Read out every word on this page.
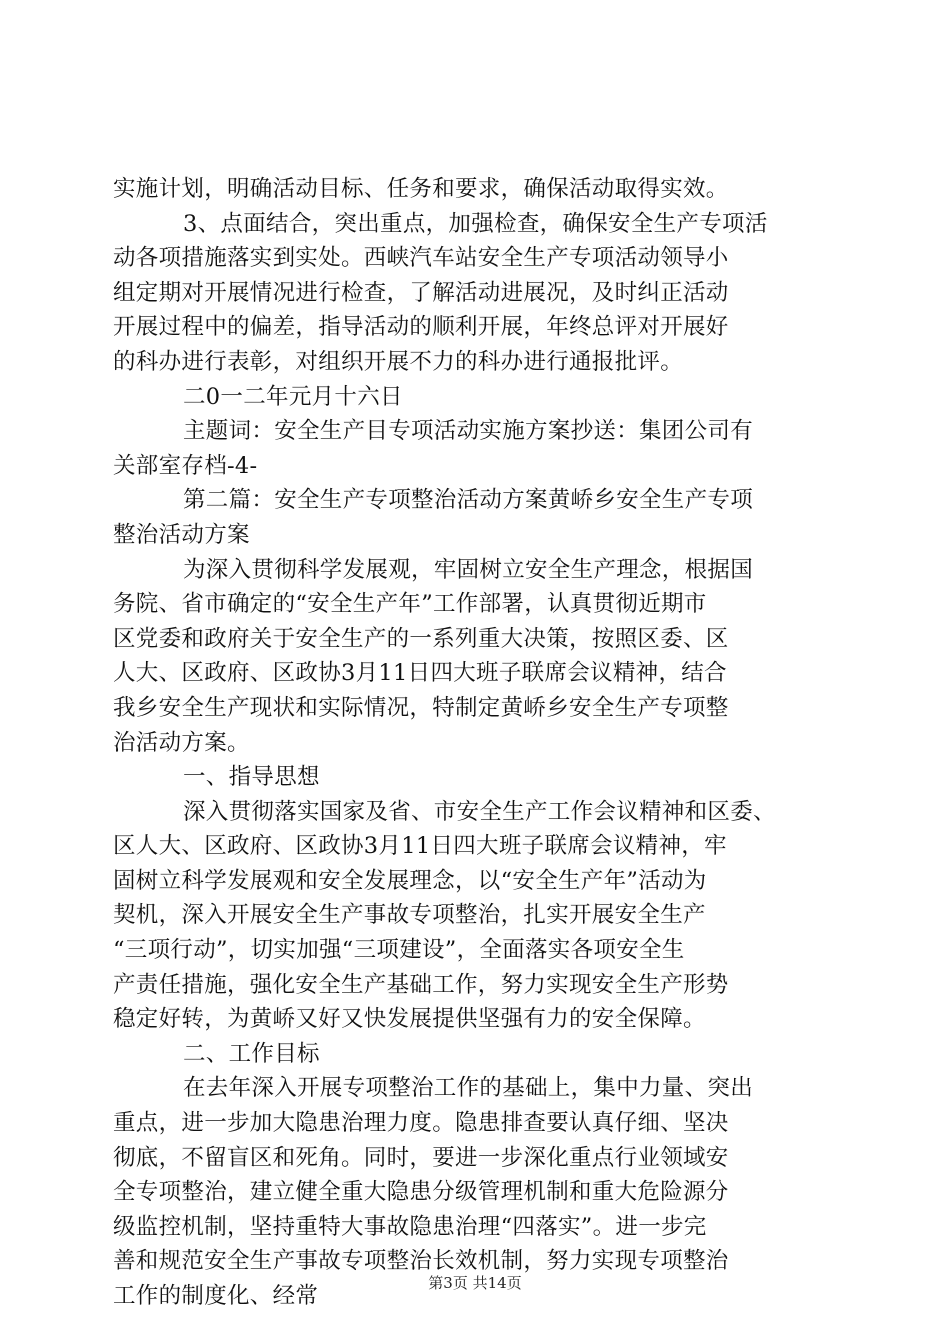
实施计划，明确活动目标、任务和要求，确保活动取得实效。
3、点面结合，突出重点，加强检查，确保安全生产专项活
动各项措施落实到实处。西峡汽车站安全生产专项活动领导小
组定期对开展情况进行检查，了解活动进展况，及时纠正活动
开展过程中的偏差，指导活动的顺利开展，年终总评对开展好
的科办进行表彰，对组织开展不力的科办进行通报批评。
二0一二年元月十六日
主题词：安全生产目专项活动实施方案抄送：集团公司有
关部室存档-4-
第二篇：安全生产专项整治活动方案黄峤乡安全生产专项
整治活动方案
为深入贯彻科学发展观，牢固树立安全生产理念，根据国
务院、省市确定的“安全生产年”工作部署，认真贯彻近期市
区党委和政府关于安全生产的一系列重大决策，按照区委、区
人大、区政府、区政协3月11日四大班子联席会议精神，结合
我乡安全生产现状和实际情况，特制定黄峤乡安全生产专项整
治活动方案。
一、指导思想
深入贯彻落实国家及省、市安全生产工作会议精神和区委、
区人大、区政府、区政协3月11日四大班子联席会议精神，牢
固树立科学发展观和安全发展理念，以“安全生产年”活动为
契机，深入开展安全生产事故专项整治，扎实开展安全生产
“三项行动”，切实加强“三项建设”，全面落实各项安全生
产责任措施，强化安全生产基础工作，努力实现安全生产形势
稳定好转，为黄峤又好又快发展提供坚强有力的安全保障。
二、工作目标
在去年深入开展专项整治工作的基础上，集中力量、突出
重点，进一步加大隐患治理力度。隐患排查要认真仔细、坚决
彻底，不留盲区和死角。同时，要进一步深化重点行业领域安
全专项整治，建立健全重大隐患分级管理机制和重大危险源分
级监控机制，坚持重特大事故隐患治理“四落实”。进一步完
善和规范安全生产事故专项整治长效机制，努力实现专项整治
工作的制度化、经常	第3页 共14页
